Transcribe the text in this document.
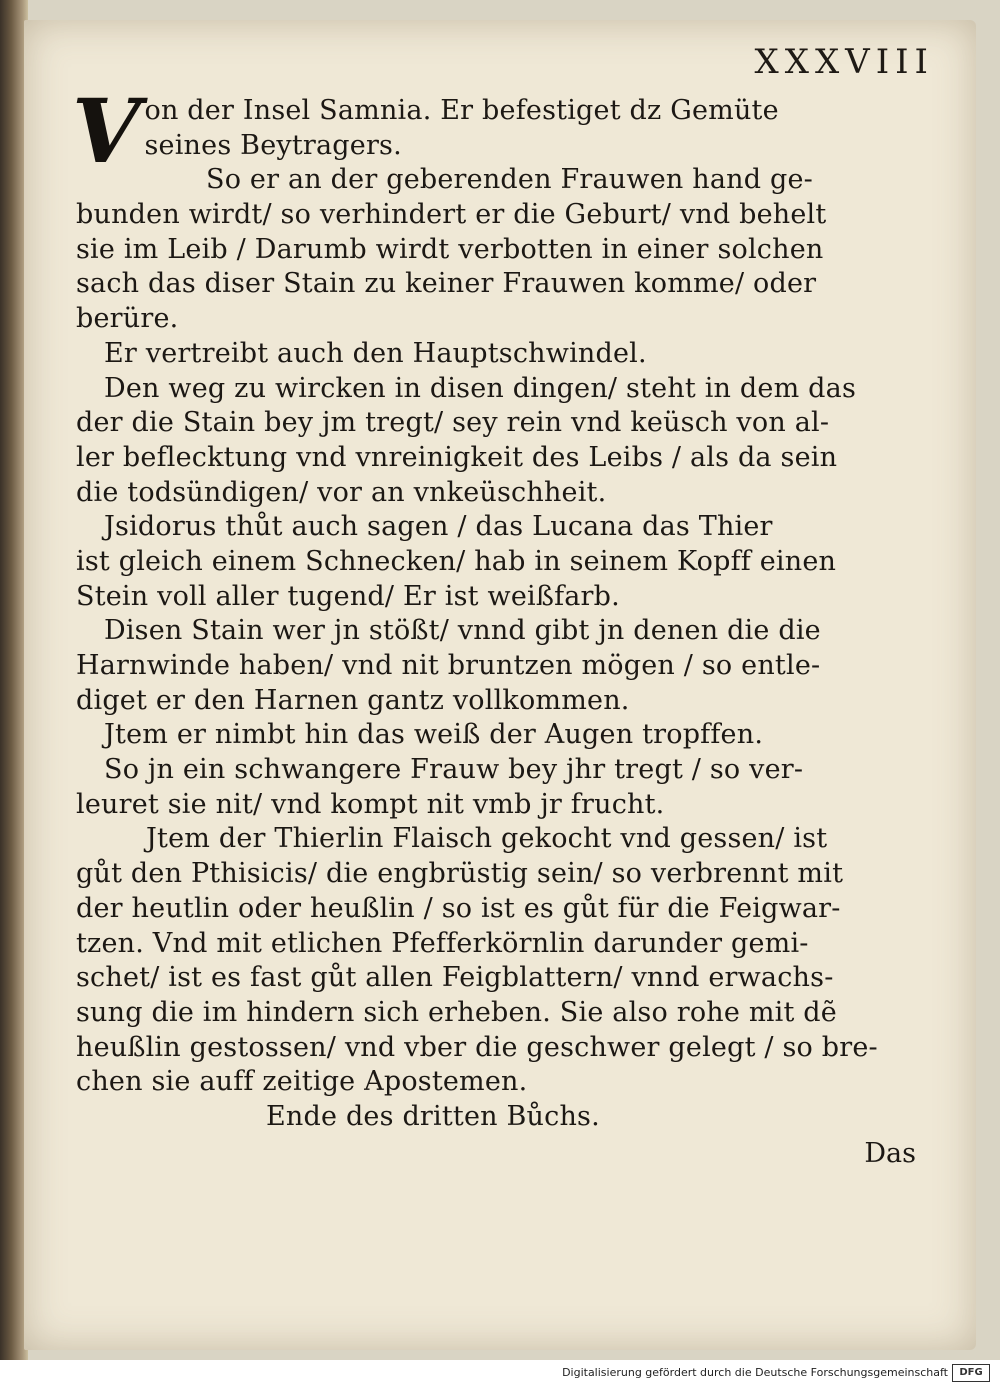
XXXVIII
V on der Insel Samnia. Er befestiget dz Gemüte
seines Beytragers.
So er an der geberenden Frauwen hand ge-
bunden wirdt/ so verhindert er die Geburt/ vnd behelt
sie im Leib / Darumb wirdt verbotten in einer solchen
sach das diser Stain zu keiner Frauwen komme/ oder
berüre.
Er vertreibt auch den Hauptschwindel.
Den weg zu wircken in disen dingen/ steht in dem das
der die Stain bey jm tregt/ sey rein vnd keüsch von al-
ler beflecktung vnd vnreinigkeit des Leibs / als da sein
die todsündigen/ vor an vnkeüschheit.
Jsidorus thůt auch sagen / das Lucana das Thier
ist gleich einem Schnecken/ hab in seinem Kopff einen
Stein voll aller tugend/ Er ist weißfarb.
Disen Stain wer jn stößt/ vnnd gibt jn denen die die
Harnwinde haben/ vnd nit bruntzen mögen / so entle-
diget er den Harnen gantz vollkommen.
Jtem er nimbt hin das weiß der Augen tropffen.
So jn ein schwangere Frauw bey jhr tregt / so ver-
leuret sie nit/ vnd kompt nit vmb jr frucht.
Jtem der Thierlin Flaisch gekocht vnd gessen/ ist
gůt den Pthisicis/ die engbrüstig sein/ so verbrennt mit
der heutlin oder heußlin / so ist es gůt für die Feigwar-
tzen. Vnd mit etlichen Pfefferkörnlin darunder gemi-
schet/ ist es fast gůt allen Feigblattern/ vnnd erwachs-
sung die im hindern sich erheben. Sie also rohe mit dẽ
heußlin gestossen/ vnd vber die geschwer gelegt / so bre-
chen sie auff zeitige Apostemen.
Ende des dritten Bůchs.
Das
Digitalisierung gefördert durch die Deutsche Forschungsgemeinschaft	DFG
